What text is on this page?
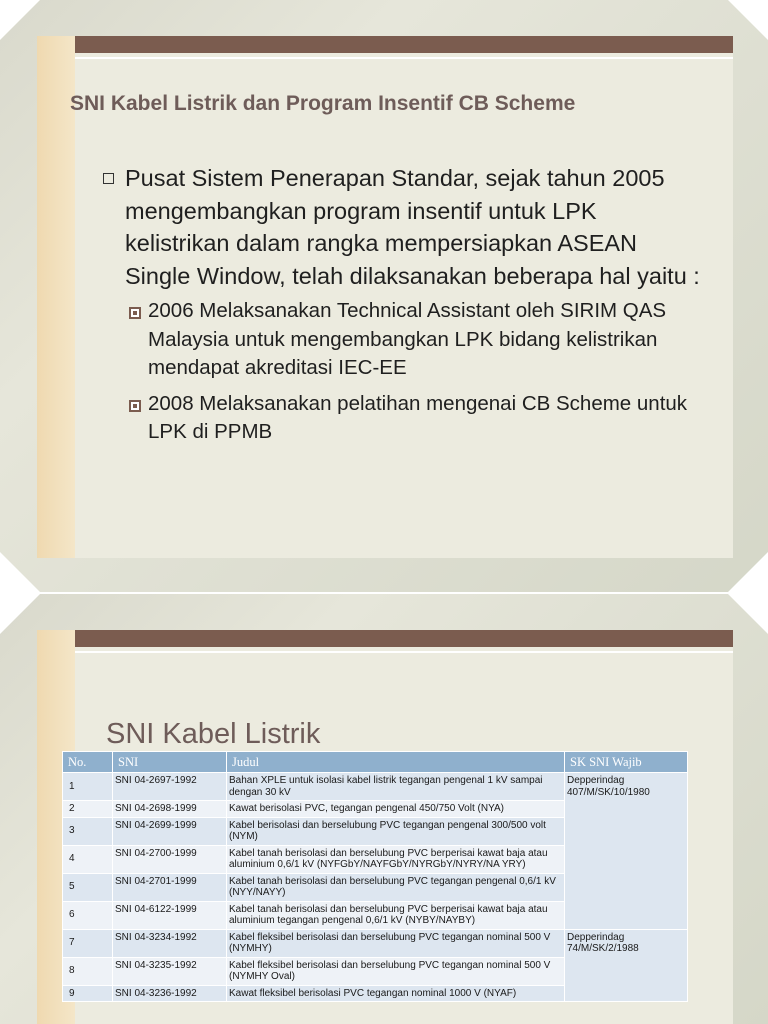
SNI Kabel Listrik dan Program Insentif CB Scheme
Pusat Sistem Penerapan Standar, sejak tahun 2005 mengembangkan program insentif untuk LPK kelistrikan dalam rangka mempersiapkan ASEAN Single Window, telah dilaksanakan beberapa hal yaitu :
2006 Melaksanakan Technical Assistant oleh SIRIM QAS Malaysia untuk mengembangkan LPK bidang kelistrikan mendapat akreditasi IEC-EE
2008 Melaksanakan pelatihan mengenai CB Scheme untuk LPK di PPMB
SNI Kabel Listrik
No.	SNI	Judul	SK SNI Wajib
1	SNI 04-2697-1992	Bahan XPLE untuk isolasi kabel listrik tegangan pengenal 1 kV sampai dengan 30 kV	Depperindag 407/M/SK/10/1980
2	SNI 04-2698-1999	Kawat berisolasi PVC, tegangan pengenal 450/750 Volt (NYA)	
3	SNI 04-2699-1999	Kabel berisolasi dan berselubung PVC tegangan pengenal 300/500 volt (NYM)	
4	SNI 04-2700-1999	Kabel tanah berisolasi dan berselubung PVC berperisai kawat baja atau aluminium 0,6/1 kV (NYFGbY/NAYFGbY/NYRGbY/NYRY/NA YRY)	
5	SNI 04-2701-1999	Kabel tanah berisolasi dan berselubung PVC tegangan pengenal 0,6/1 kV (NYY/NAYY)	
6	SNI 04-6122-1999	Kabel tanah berisolasi dan berselubung PVC berperisai kawat baja atau aluminium tegangan pengenal 0,6/1 kV (NYBY/NAYBY)	
7	SNI 04-3234-1992	Kabel fleksibel berisolasi dan berselubung PVC tegangan nominal 500 V (NYMHY)	Depperindag 74/M/SK/2/1988
8	SNI 04-3235-1992	Kabel fleksibel berisolasi dan berselubung PVC tegangan nominal 500 V (NYMHY Oval)	
9	SNI 04-3236-1992	Kawat fleksibel berisolasi PVC tegangan nominal 1000 V (NYAF)	
